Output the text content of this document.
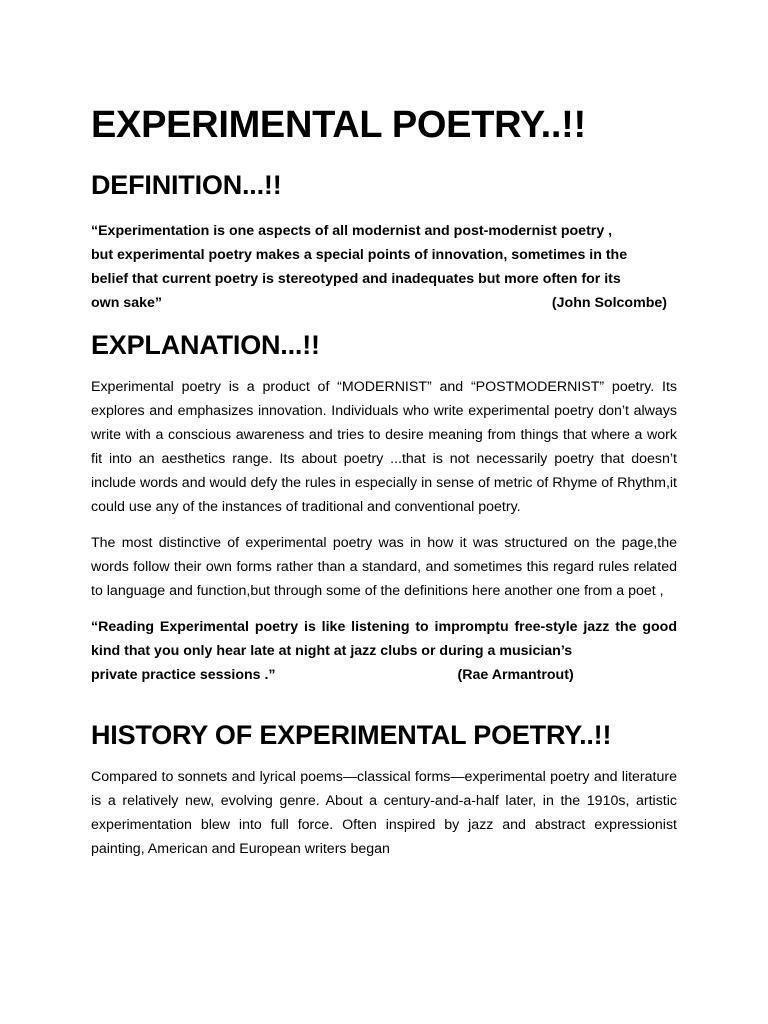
EXPERIMENTAL POETRY..!!
DEFINITION...!!
“Experimentation is one aspects of all modernist and post-modernist poetry ,
but experimental poetry makes a special points of innovation, sometimes in the
belief that current poetry is stereotyped and inadequates but more often for its
own sake”	(John Solcombe)
EXPLANATION...!!

Experimental poetry is a product of “MODERNIST” and “POSTMODERNIST” poetry. Its explores and emphasizes innovation. Individuals who write experimental poetry don’t always write with a conscious awareness and tries to desire meaning from things that where a work fit into an aesthetics range. Its about poetry ...that is not necessarily poetry that doesn’t include words and would defy the rules in especially in sense of metric of Rhyme of Rhythm,it could use any of the instances of traditional and conventional poetry.

The most distinctive of experimental poetry was in how it was structured on the page,the words follow their own forms rather than a standard, and sometimes this regard rules related to language and function,but through some of the definitions here another one from a poet ,

“Reading Experimental poetry is like listening to impromptu free-style jazz the good kind that you only hear late at night at jazz clubs or during a musician’s

private practice sessions .”	(Rae Armantrout)
HISTORY OF EXPERIMENTAL POETRY..!!

Compared to sonnets and lyrical poems—classical forms—experimental poetry and literature is a relatively new, evolving genre. About a century-and-a-half later, in the 1910s, artistic experimentation blew into full force. Often inspired by jazz and abstract expressionist painting, American and European writers began
